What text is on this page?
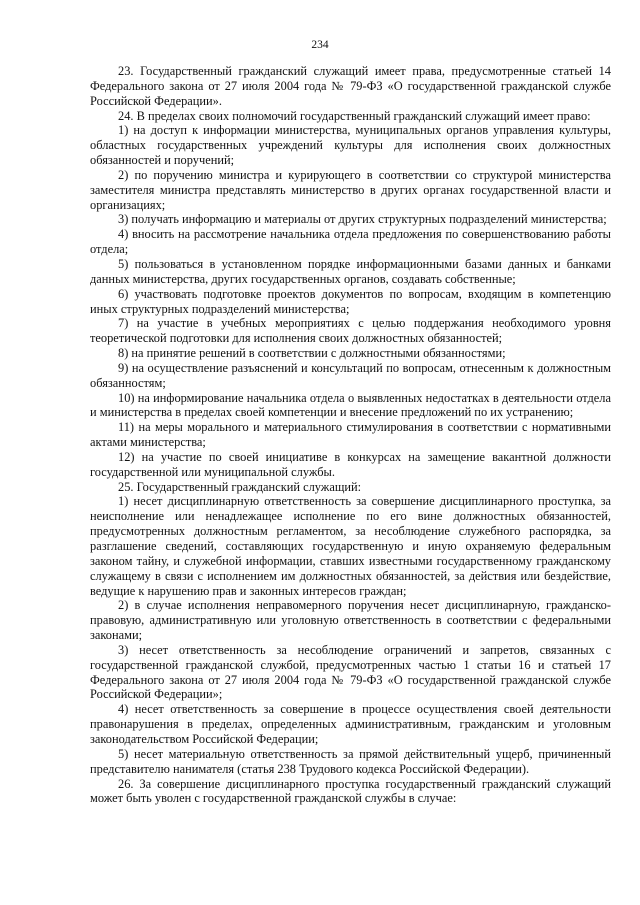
234

23. Государственный гражданский служащий имеет права, предусмотренные статьей 14 Федерального закона от 27 июля 2004 года № 79-ФЗ «О государственной гражданской службе Российской Федерации».

24. В пределах своих полномочий государственный гражданский служащий имеет право:

1) на доступ к информации министерства, муниципальных органов управления культуры, областных государственных учреждений культуры для исполнения своих должностных обязанностей и поручений;

2) по поручению министра и курирующего в соответствии со структурой министерства заместителя министра представлять министерство в других органах государственной власти и организациях;

3) получать информацию и материалы от других структурных подразделений министерства;

4) вносить на рассмотрение начальника отдела предложения по совершенствованию работы отдела;

5) пользоваться в установленном порядке информационными базами данных и банками данных министерства, других государственных органов, создавать собственные;

6) участвовать подготовке проектов документов по вопросам, входящим в компетенцию иных структурных подразделений министерства;

7) на участие в учебных мероприятиях с целью поддержания необходимого уровня теоретической подготовки для исполнения своих должностных обязанностей;

8) на принятие решений в соответствии с должностными обязанностями;

9) на осуществление разъяснений и консультаций по вопросам, отнесенным к должностным обязанностям;

10) на информирование начальника отдела о выявленных недостатках в деятельности отдела и министерства в пределах своей компетенции и внесение предложений по их устранению;

11) на меры морального и материального стимулирования в соответствии с нормативными актами министерства;

12) на участие по своей инициативе в конкурсах на замещение вакантной должности государственной или муниципальной службы.

25. Государственный гражданский служащий:

1) несет дисциплинарную ответственность за совершение дисциплинарного проступка, за неисполнение или ненадлежащее исполнение по его вине должностных обязанностей, предусмотренных должностным регламентом, за несоблюдение служебного распорядка, за разглашение сведений, составляющих государственную и иную охраняемую федеральным законом тайну, и служебной информации, ставших известными государственному гражданскому служащему в связи с исполнением им должностных обязанностей, за действия или бездействие, ведущие к нарушению прав и законных интересов граждан;

2) в случае исполнения неправомерного поручения несет дисциплинарную, гражданско-правовую, административную или уголовную ответственность в соответствии с федеральными законами;

3) несет ответственность за несоблюдение ограничений и запретов, связанных с государственной гражданской службой, предусмотренных частью 1 статьи 16 и статьей 17 Федерального закона от 27 июля 2004 года № 79-ФЗ «О государственной гражданской службе Российской Федерации»;

4) несет ответственность за совершение в процессе осуществления своей деятельности правонарушения в пределах, определенных административным, гражданским и уголовным законодательством Российской Федерации;

5) несет материальную ответственность за прямой действительный ущерб, причиненный представителю нанимателя (статья 238 Трудового кодекса Российской Федерации).

26. За совершение дисциплинарного проступка государственный гражданский служащий может быть уволен с государственной гражданской службы в случае:
